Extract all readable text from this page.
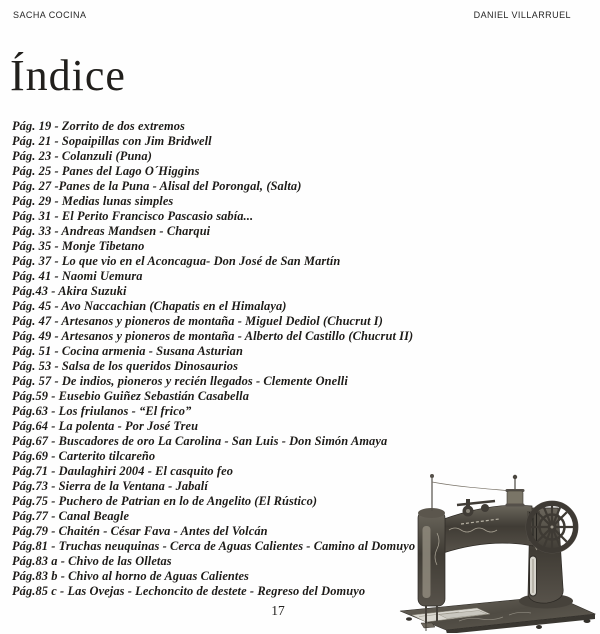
SACHA COCINA	DANIEL VILLARRUEL
Índice
Pág. 19 - Zorrito de dos extremos
Pág. 21 - Sopaipillas con Jim Bridwell
Pág. 23 - Colanzuli (Puna)
Pág. 25 - Panes del Lago O´Higgins
Pág. 27 -Panes de la Puna - Alisal del Porongal, (Salta)
Pág. 29 - Medias lunas simples
Pág. 31 - El Perito Francisco Pascasio sabía...
Pág. 33 - Andreas Mandsen - Charqui
Pág. 35 - Monje Tibetano
Pág. 37 - Lo que vio en el Aconcagua- Don José de San Martín
Pág. 41 - Naomi Uemura
Pág.43 - Akira Suzuki
Pág. 45 - Avo Naccachian (Chapatis en el Himalaya)
Pág. 47 - Artesanos y pioneros de montaña - Miguel Dediol (Chucrut I)
Pág. 49 - Artesanos y pioneros de montaña - Alberto del Castillo (Chucrut II)
Pág. 51 - Cocina armenia - Susana Asturian
Pág. 53 - Salsa de los queridos Dinosaurios
Pág. 57 - De indios, pioneros y recién llegados - Clemente Onelli
Pág.59 - Eusebio Guiñez Sebastián Casabella
Pág.63 - Los friulanos - “El frico”
Pág.64 - La polenta - Por José Treu
Pág.67 - Buscadores de oro La Carolina - San Luis - Don Simón Amaya
Pág.69 - Carterito tilcareño
Pág.71 - Daulaghiri 2004 - El casquito feo
Pág.73 - Sierra de la Ventana - Jabalí
Pág.75 - Puchero de Patrian en lo de Angelito (El Rústico)
Pág.77 - Canal Beagle
Pág.79 - Chaitén - César Fava - Antes del Volcán
Pág.81 - Truchas neuquinas - Cerca de Aguas Calientes - Camino al Domuyo
Pág.83 a - Chivo de las Olletas
Pág.83 b - Chivo al horno de Aguas Calientes
Pág.85 c - Las Ovejas - Lechoncito de destete - Regreso del Domuyo
17
